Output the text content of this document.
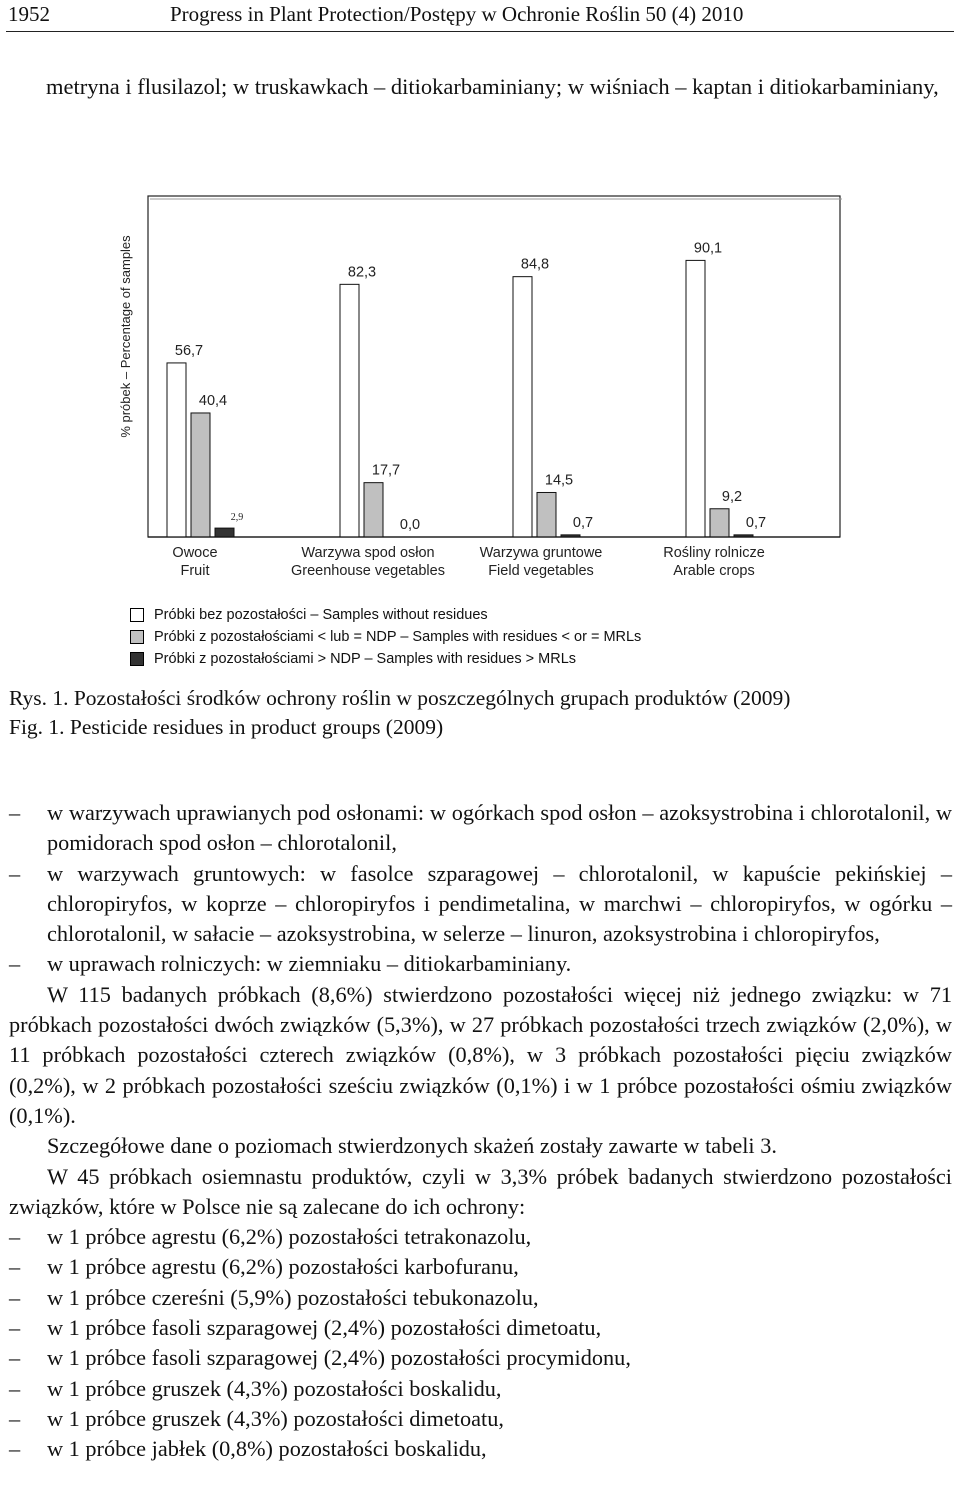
1952	Progress in Plant Protection/Postępy w Ochronie Roślin 50 (4) 2010
metryna i flusilazol; w truskawkach – ditiokarbaminiany; w wiśniach – kaptan i ditiokarbaminiany,
% próbek – Percentage of samples	56,7
40,4
2,9
Owoce
Fruit
82,3
17,7
0,0
Warzywa spod osłon
Greenhouse vegetables
84,8
14,5
0,7
Warzywa gruntowe
Field vegetables
90,1
9,2
0,7
Rośliny rolnicze
Arable crops
Próbki bez pozostałości – Samples without residues
Próbki z pozostałościami < lub = NDP – Samples with residues < or = MRLs
Próbki z pozostałościami > NDP – Samples with residues > MRLs
Rys. 1. Pozostałości środków ochrony roślin w poszczególnych grupach produktów (2009)
Fig. 1. Pesticide residues in product groups (2009)
– w warzywach uprawianych pod osłonami: w ogórkach spod osłon – azoksystrobina i chlorotalonil, w pomidorach spod osłon – chlorotalonil,
– w warzywach gruntowych: w fasolce szparagowej – chlorotalonil, w kapuście pekińskiej – chloropiryfos, w koprze – chloropiryfos i pendimetalina, w marchwi – chloropiryfos, w ogórku – chlorotalonil, w sałacie – azoksystrobina, w selerze – linuron, azoksystrobina i chloropiryfos,
– w uprawach rolniczych: w ziemniaku – ditiokarbaminiany.
W 115 badanych próbkach (8,6%) stwierdzono pozostałości więcej niż jednego związku: w 71 próbkach pozostałości dwóch związków (5,3%), w 27 próbkach pozostałości trzech związków (2,0%), w 11 próbkach pozostałości czterech związków (0,8%), w 3 próbkach pozostałości pięciu związków (0,2%), w 2 próbkach pozostałości sześciu związków (0,1%) i w 1 próbce pozostałości ośmiu związków (0,1%).
Szczegółowe dane o poziomach stwierdzonych skażeń zostały zawarte w tabeli 3.
W 45 próbkach osiemnastu produktów, czyli w 3,3% próbek badanych stwierdzono pozostałości związków, które w Polsce nie są zalecane do ich ochrony:
– w 1 próbce agrestu (6,2%) pozostałości tetrakonazolu,
– w 1 próbce agrestu (6,2%) pozostałości karbofuranu,
– w 1 próbce czereśni (5,9%) pozostałości tebukonazolu,
– w 1 próbce fasoli szparagowej (2,4%) pozostałości dimetoatu,
– w 1 próbce fasoli szparagowej (2,4%) pozostałości procymidonu,
– w 1 próbce gruszek (4,3%) pozostałości boskalidu,
– w 1 próbce gruszek (4,3%) pozostałości dimetoatu,
– w 1 próbce jabłek (0,8%) pozostałości boskalidu,
